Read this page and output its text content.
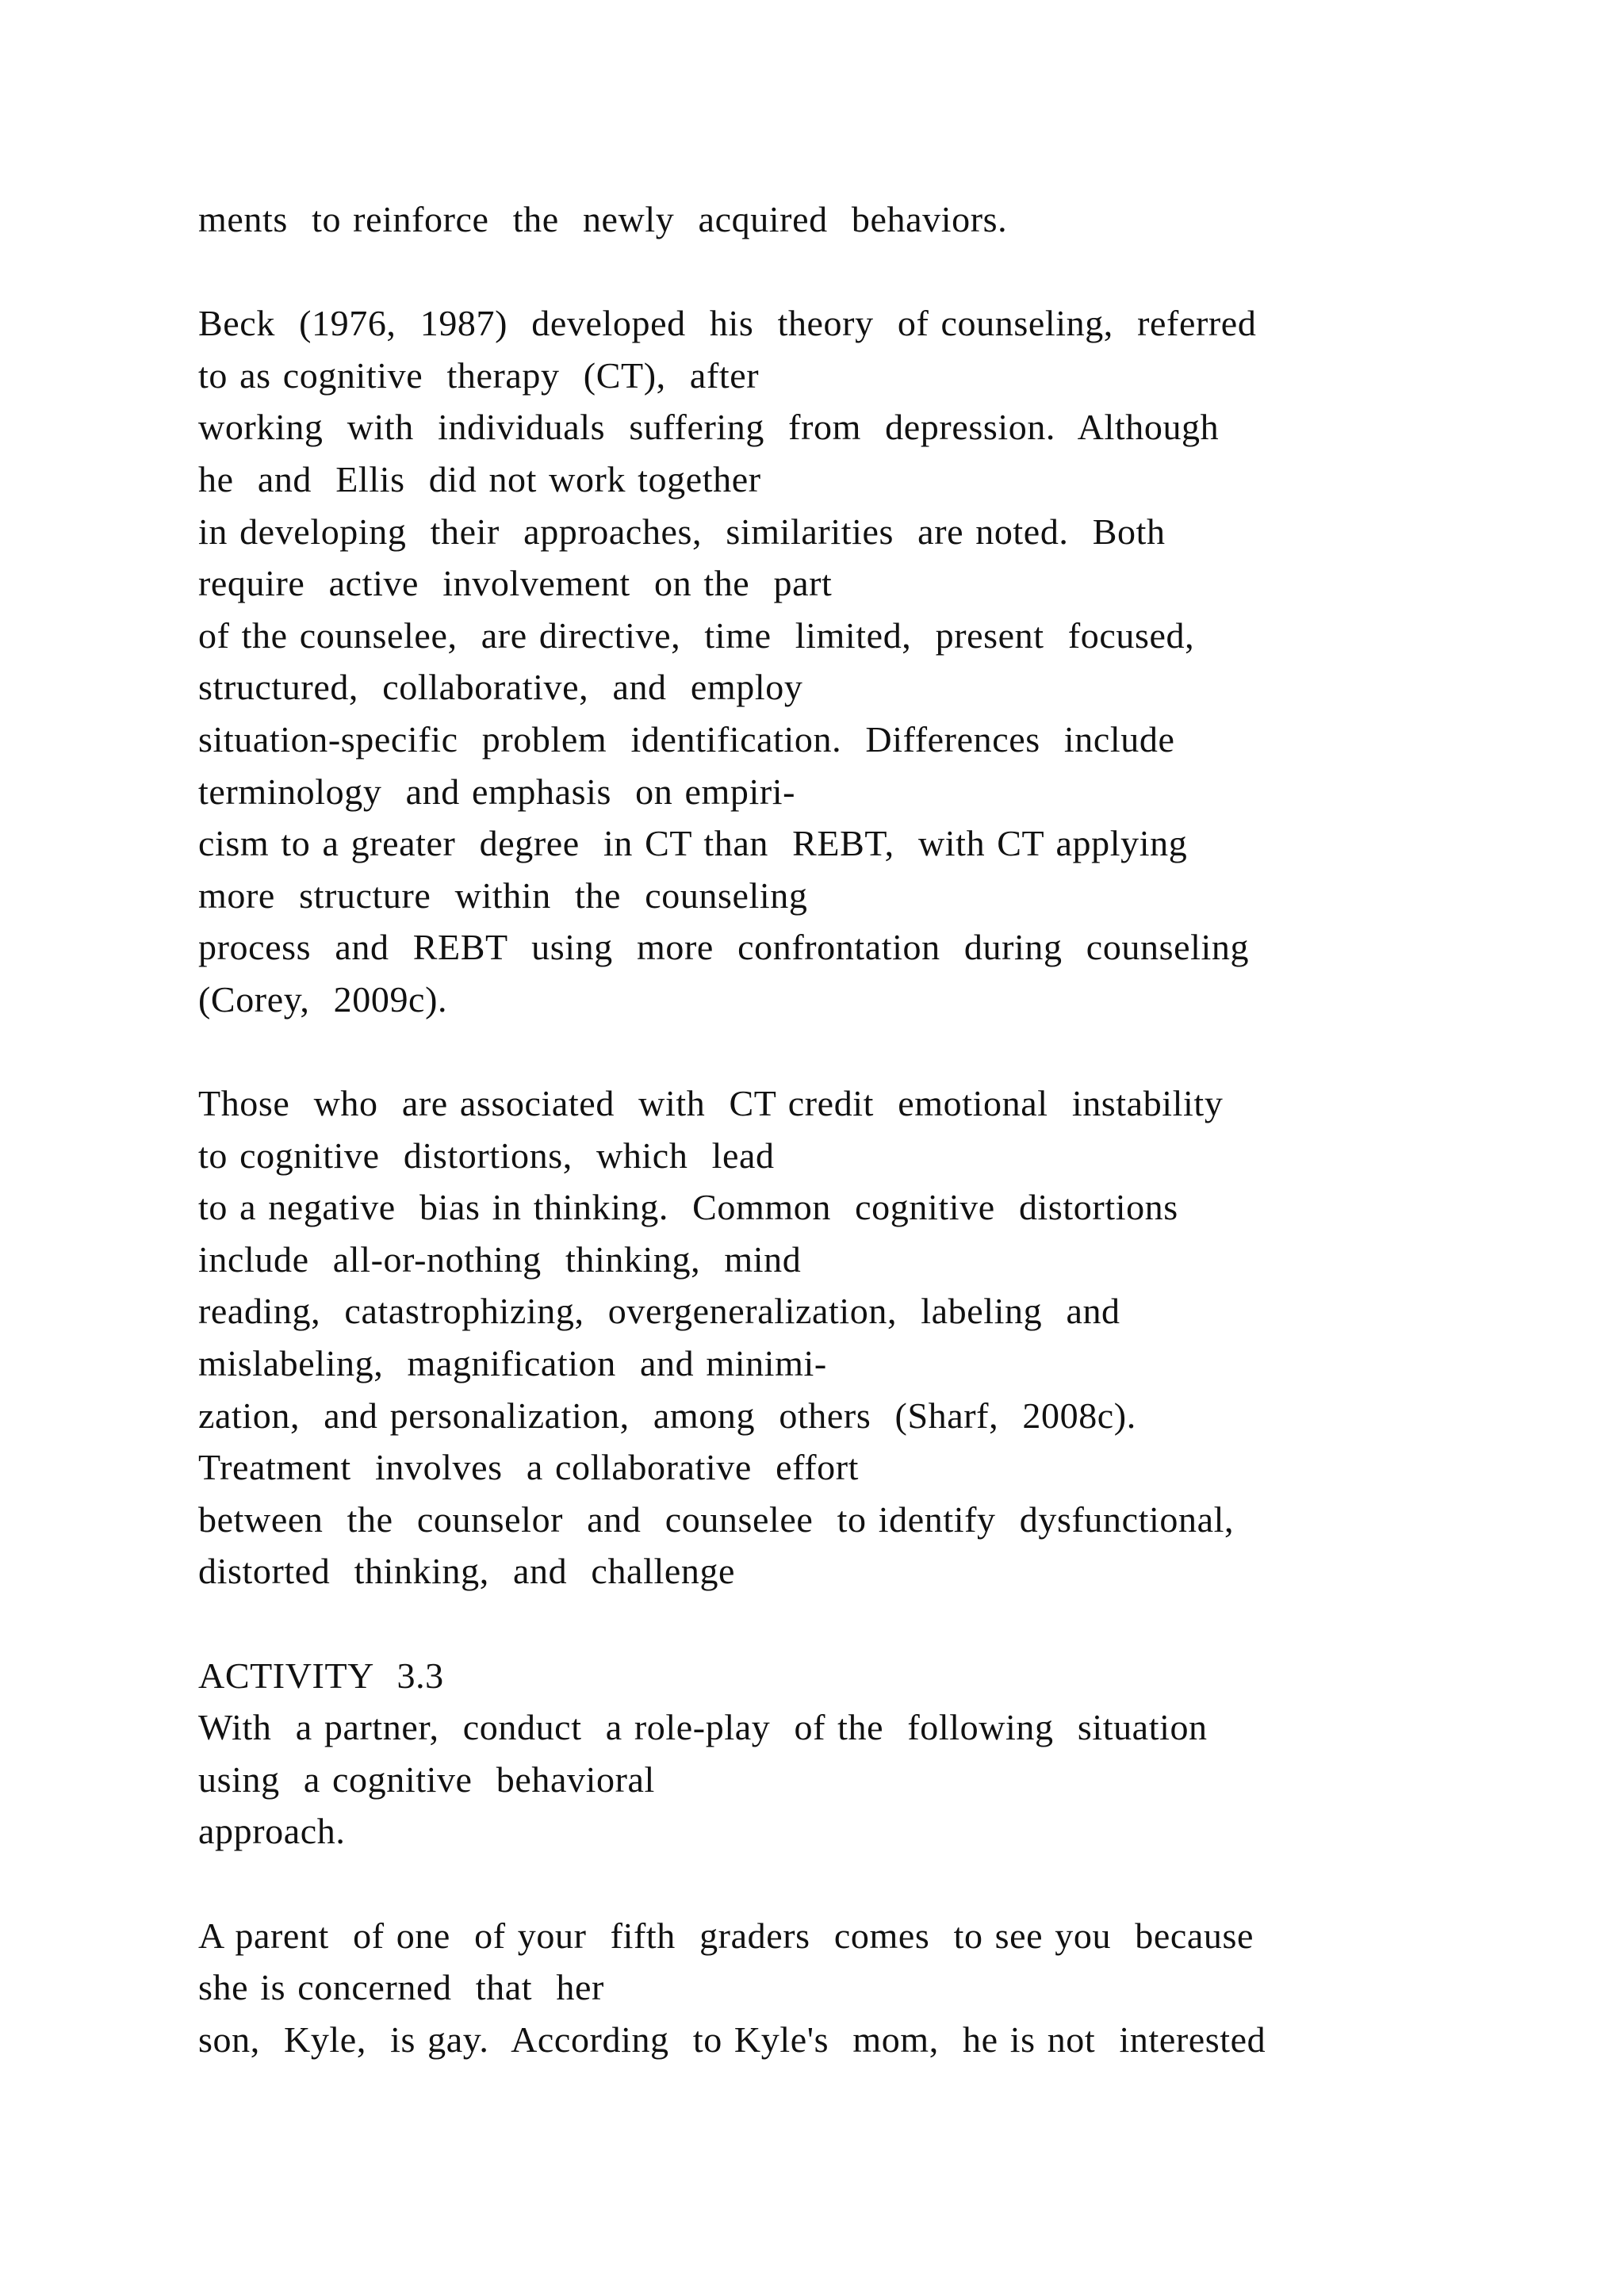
ments  to reinforce  the  newly  acquired  behaviors.
Beck  (1976,  1987)  developed  his  theory  of counseling,  referred
to as cognitive  therapy  (CT),  after
working  with  individuals  suffering  from  depression.  Although
he  and  Ellis  did not work together
in developing  their  approaches,  similarities  are noted.  Both
require  active  involvement  on the  part
of the counselee,  are directive,  time  limited,  present  focused,
structured,  collaborative,  and  employ
situation-specific  problem  identification.  Differences  include
terminology  and emphasis  on empiri-
cism to a greater  degree  in CT than  REBT,  with CT applying
more  structure  within  the  counseling
process  and  REBT  using  more  confrontation  during  counseling
(Corey,  2009c).
Those  who  are associated  with  CT credit  emotional  instability
to cognitive  distortions,  which  lead
to a negative  bias in thinking.  Common  cognitive  distortions
include  all-or-nothing  thinking,  mind
reading,  catastrophizing,  overgeneralization,  labeling  and
mislabeling,  magnification  and minimi-
zation,  and personalization,  among  others  (Sharf,  2008c).
Treatment  involves  a collaborative  effort
between  the  counselor  and  counselee  to identify  dysfunctional,
distorted  thinking,  and  challenge
ACTIVITY  3.3
With  a partner,  conduct  a role-play  of the  following  situation
using  a cognitive  behavioral
approach.
A parent  of one  of your  fifth  graders  comes  to see you  because
she is concerned  that  her
son,  Kyle,  is gay.  According  to Kyle's  mom,  he is not  interested
